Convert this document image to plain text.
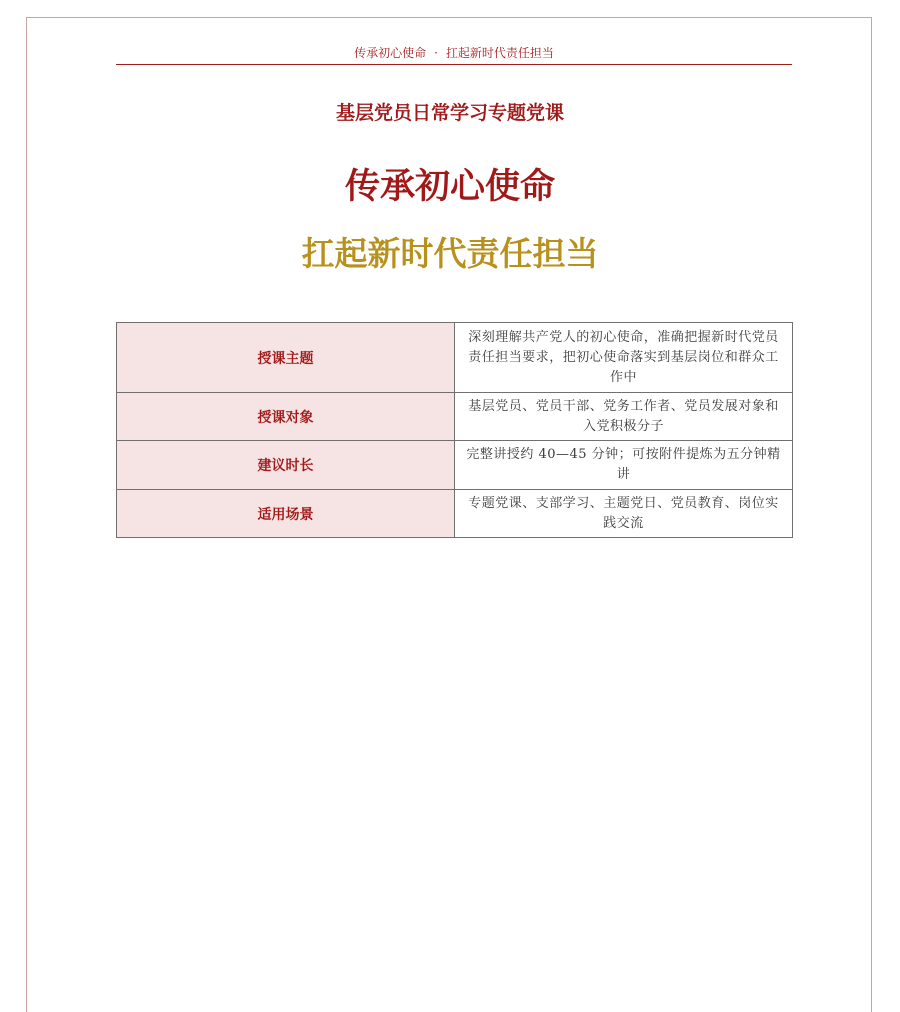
传承初心使命 · 扛起新时代责任担当
基层党员日常学习专题党课
传承初心使命
扛起新时代责任担当
授课主题	深刻理解共产党人的初心使命，准确把握新时代党员责任担当要求，把初心使命落实到基层岗位和群众工作中
授课对象	基层党员、党员干部、党务工作者、党员发展对象和入党积极分子
建议时长	完整讲授约 40—45 分钟；可按附件提炼为五分钟精讲
适用场景	专题党课、支部学习、主题党日、党员教育、岗位实践交流
